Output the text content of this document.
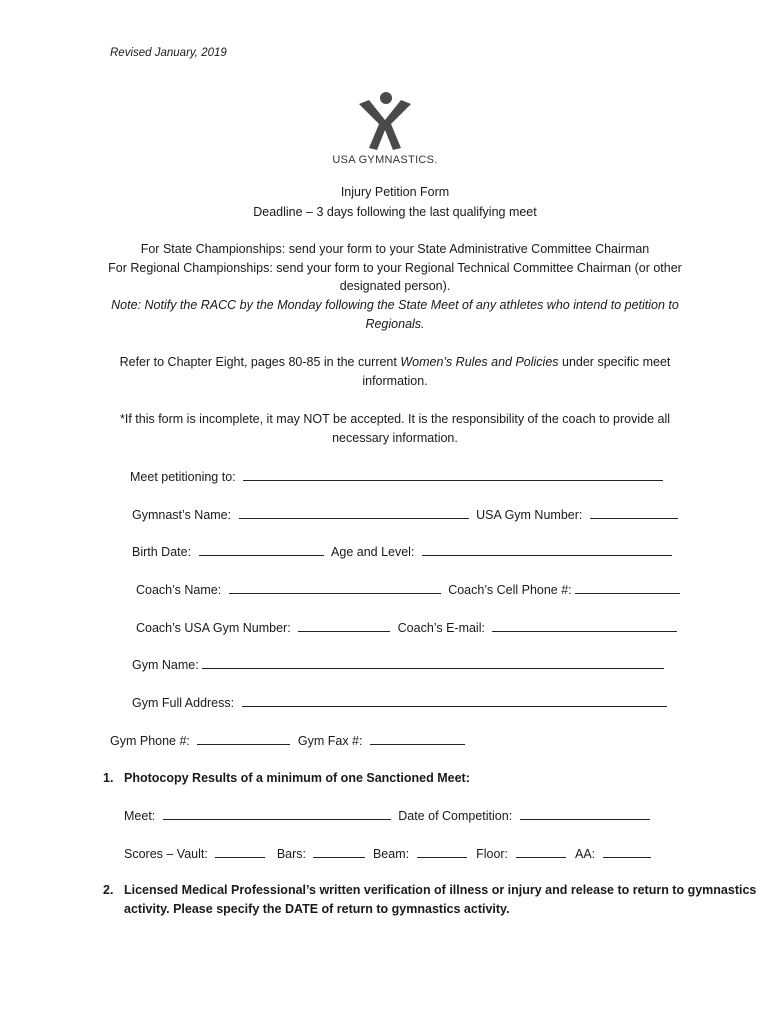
Revised January, 2019
USA GYMNASTICS.
Injury Petition Form
Deadline – 3 days following the last qualifying meet
For State Championships: send your form to your State Administrative Committee Chairman
For Regional Championships: send your form to your Regional Technical Committee Chairman (or other
designated person).
Note: Notify the RACC by the Monday following the State Meet of any athletes who intend to petition to
Regionals.
Refer to Chapter Eight, pages 80-85 in the current Women’s Rules and Policies under specific meet
information.
*If this form is incomplete, it may NOT be accepted. It is the responsibility of the coach to provide all
necessary information.
Meet petitioning to:
Gymnast’s Name:	USA Gym Number:
Birth Date:	Age and Level:
Coach’s Name:	Coach’s Cell Phone #:
Coach’s USA Gym Number:	Coach’s E-mail:
Gym Name:
Gym Full Address:
Gym Phone #:	Gym Fax #:
1. Photocopy Results of a minimum of one Sanctioned Meet:
Meet:	Date of Competition:
Scores – Vault:	Bars:	Beam:	Floor:	AA:
2. Licensed Medical Professional’s written verification of illness or injury and release to return to gymnastics
activity. Please specify the DATE of return to gymnastics activity.
